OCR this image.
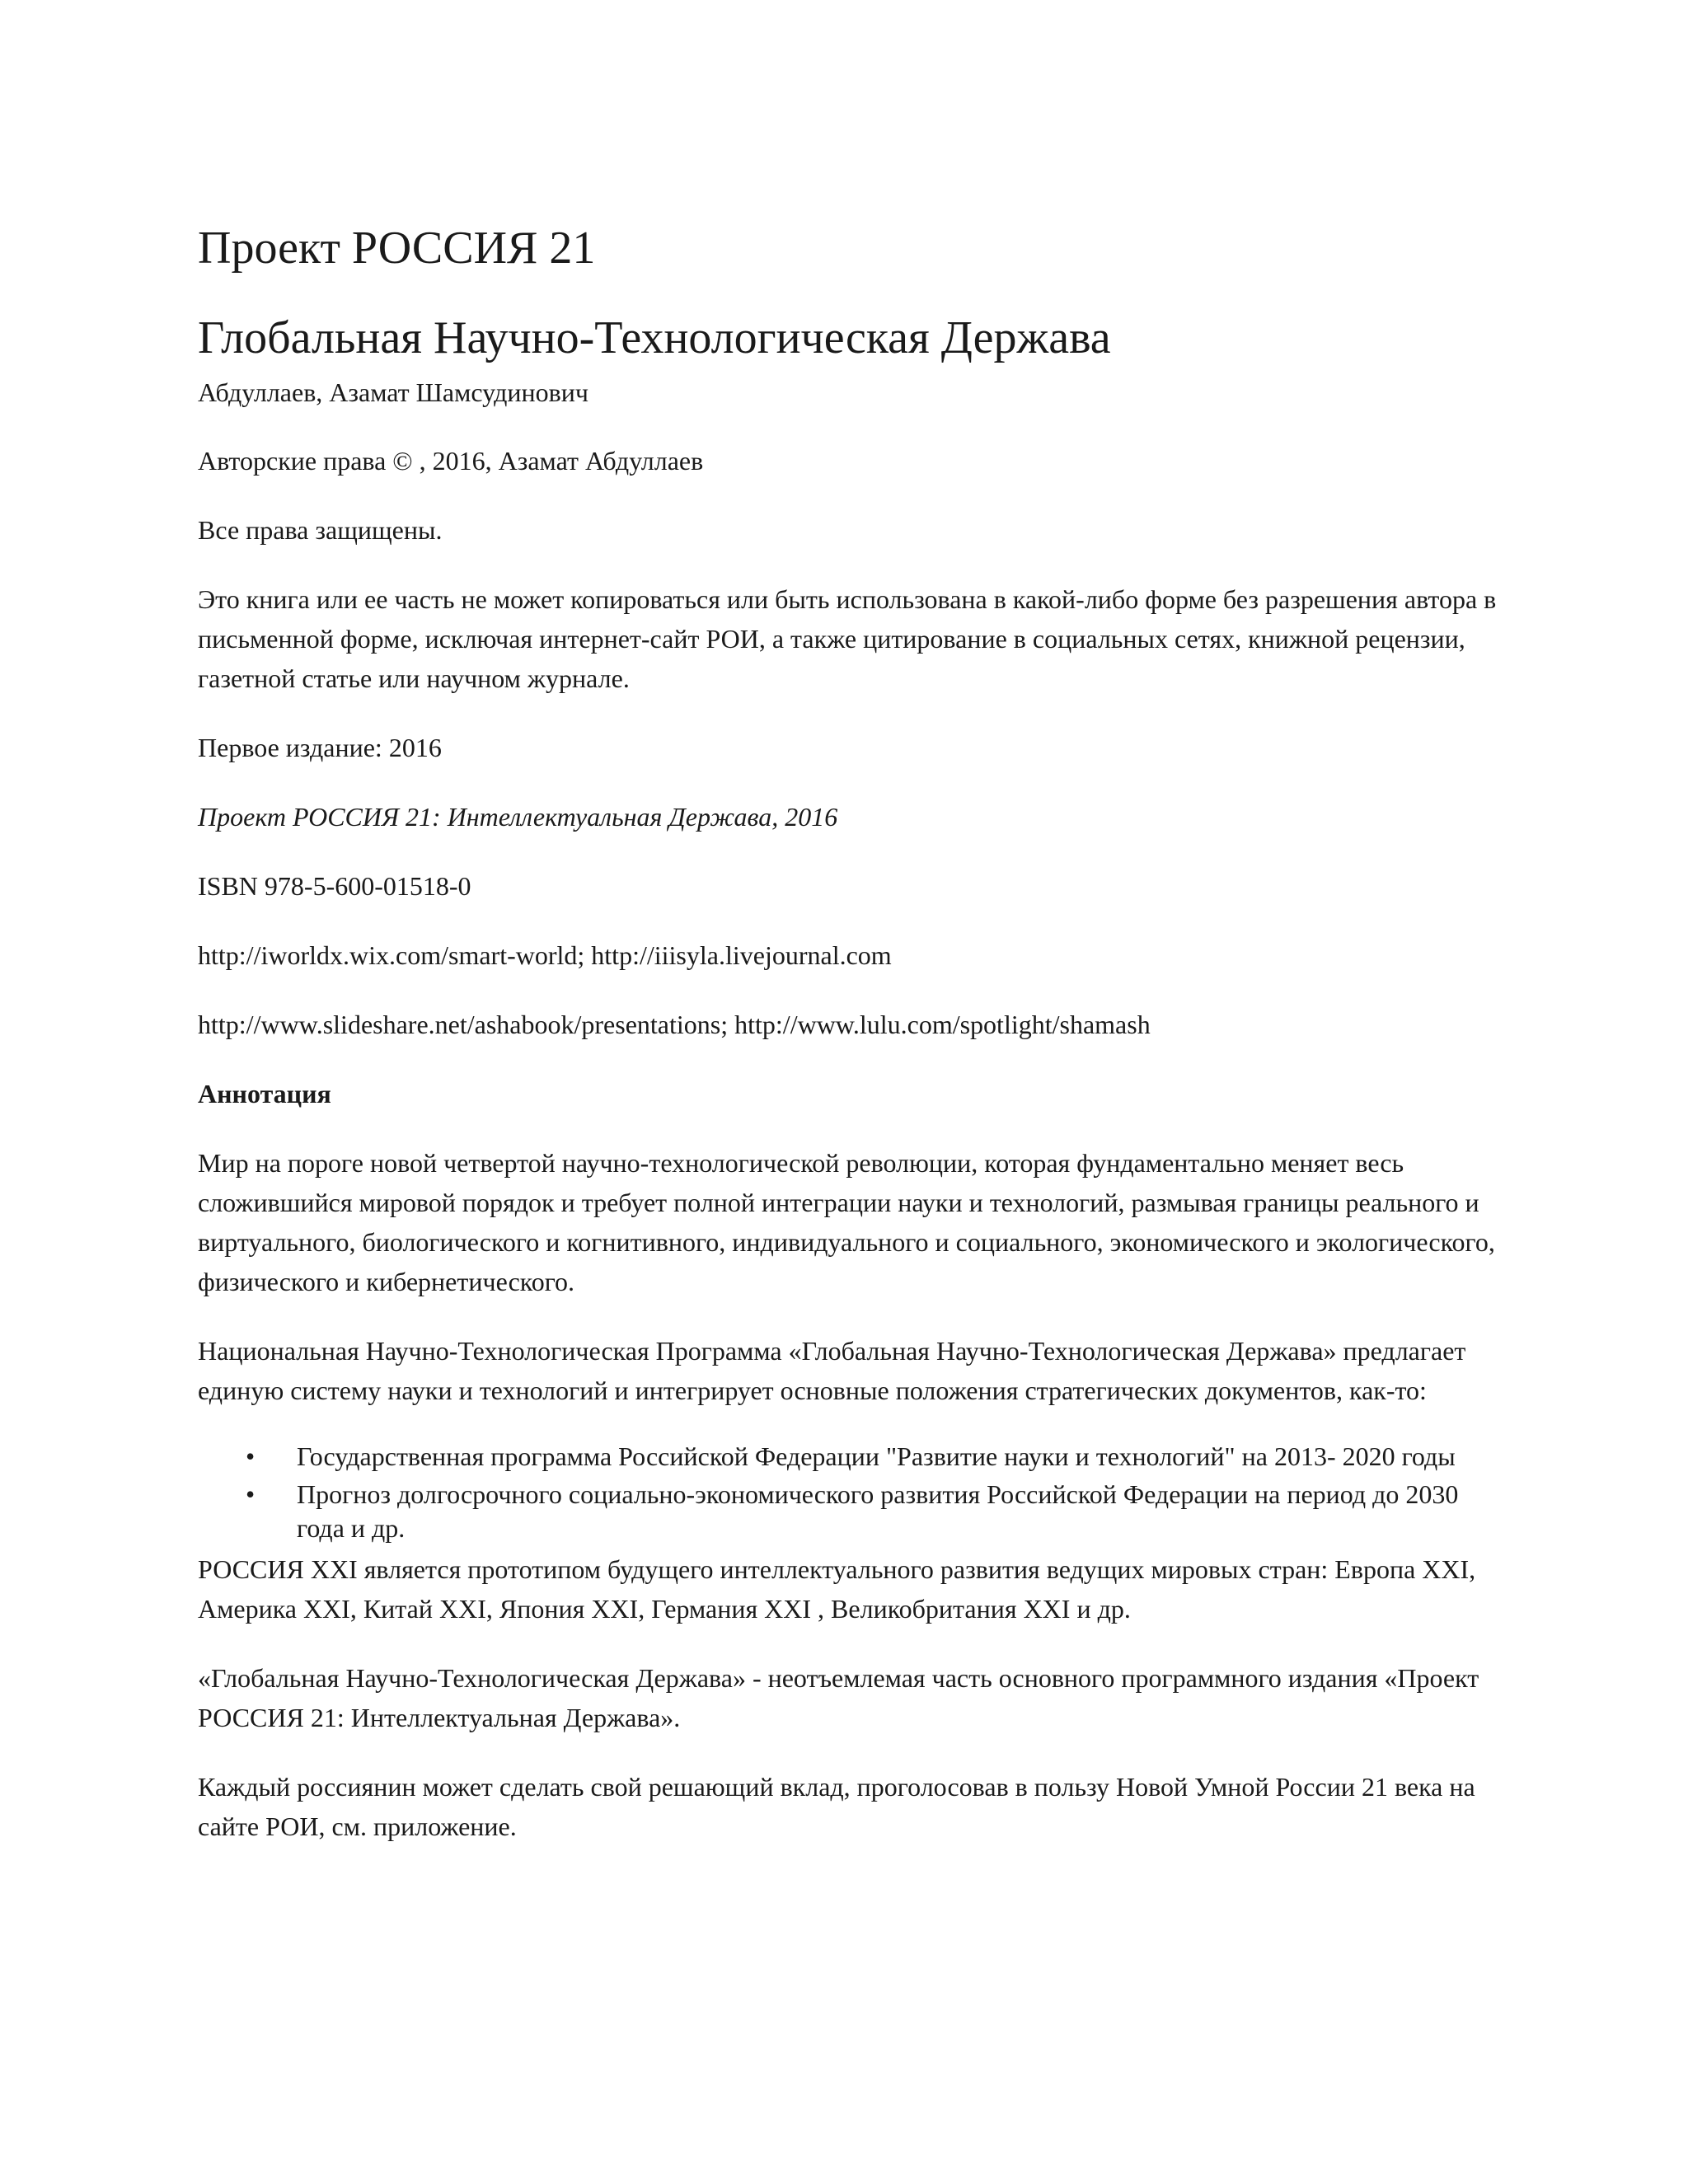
Проект РОССИЯ 21
Глобальная Научно-Технологическая Держава
Абдуллаев, Азамат Шамсудинович

Авторские права © , 2016, Азамат Абдуллаев

Все права защищены.

Это книга или ее часть не может копироваться или быть использована в какой-либо форме без разрешения автора в письменной форме, исключая интернет-сайт РОИ, а также цитирование в социальных сетях, книжной рецензии, газетной статье или научном журнале.

Первое издание: 2016

Проект РОССИЯ 21: Интеллектуальная Держава, 2016

ISBN 978-5-600-01518-0

http://iworldx.wix.com/smart-world; http://iiisyla.livejournal.com

http://www.slideshare.net/ashabook/presentations; http://www.lulu.com/spotlight/shamash

Аннотация

Мир на пороге новой четвертой научно-технологической революции, которая фундаментально меняет весь сложившийся мировой порядок и требует полной интеграции науки и технологий, размывая границы реального и виртуального, биологического и когнитивного, индивидуального и социального, экономического и экологического, физического и кибернетического.

Национальная Научно-Технологическая Программа «Глобальная Научно-Технологическая Держава» предлагает единую систему науки и технологий и интегрирует основные положения стратегических документов, как-то:

• Государственная программа Российской Федерации "Развитие науки и технологий" на 2013- 2020 годы
• Прогноз долгосрочного социально-экономического развития Российской Федерации на период до 2030 года и др.

РОССИЯ XXI является прототипом будущего интеллектуального развития ведущих мировых стран: Европа XXI, Америка XXI, Китай XXI, Япония XXI, Германия XXI , Великобритания XXI и др.

«Глобальная Научно-Технологическая Держава» - неотъемлемая часть основного программного издания «Проект РОССИЯ 21: Интеллектуальная Держава».

Каждый россиянин может сделать свой решающий вклад, проголосовав в пользу Новой Умной России 21 века на сайте РОИ, см. приложение.
